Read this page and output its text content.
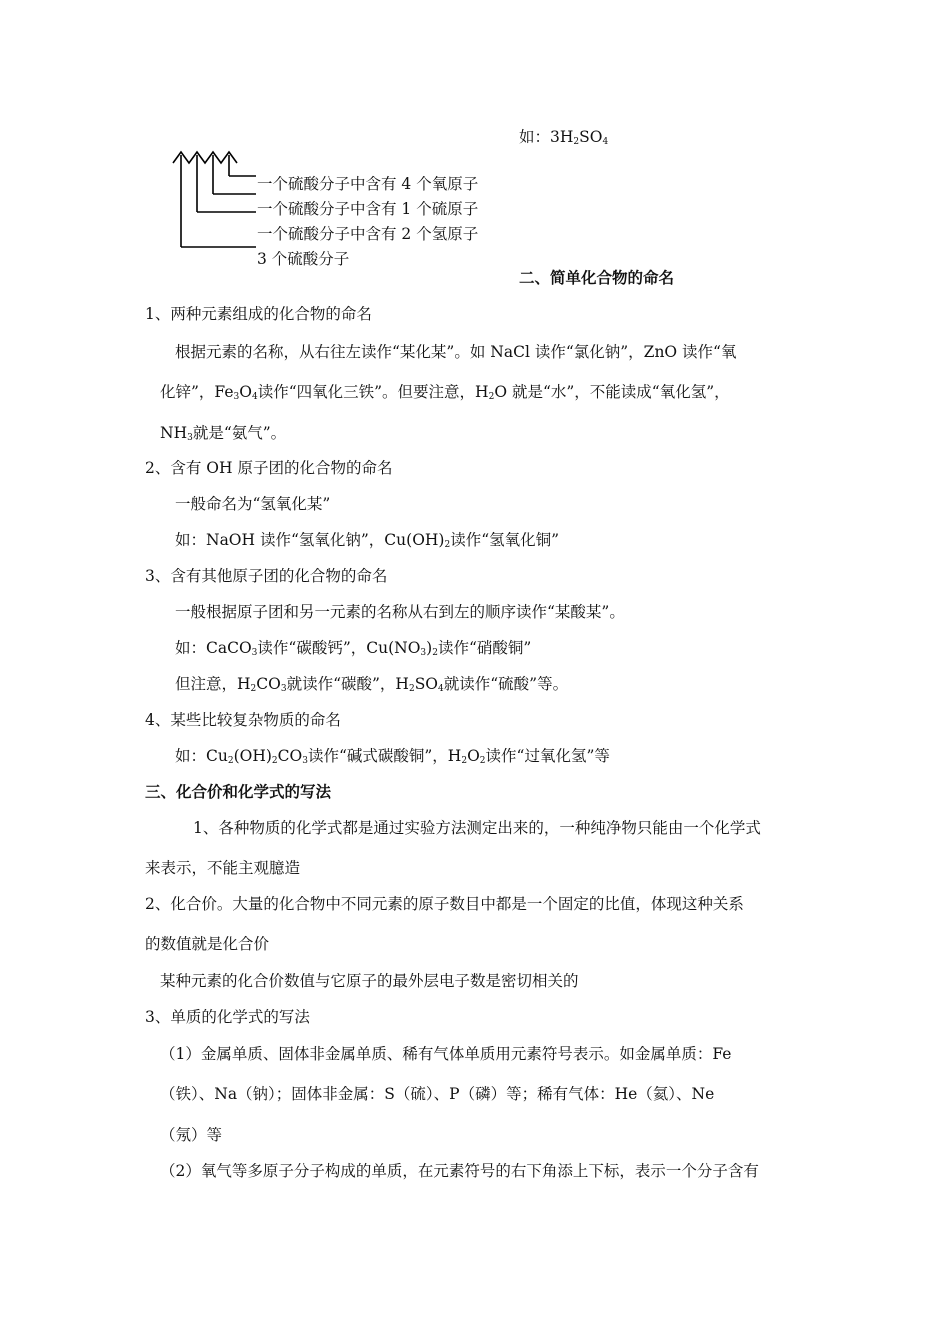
如：$3H_2SO_4$
一个硫酸分子中含有 4 个氧原子
一个硫酸分子中含有 1 个硫原子
一个硫酸分子中含有 2 个氢原子
3 个硫酸分子
二、简单化合物的命名
1、两种元素组成的化合物的命名
根据元素的名称，从右往左读作“某化某”。如 NaCl 读作“氯化钠”，ZnO 读作“氧
化锌”，$Fe_3O_4$读作“四氧化三铁”。但要注意，$H_2O$ 就是“水”，不能读成“氧化氢”，
$NH_3$就是“氨气”。
2、含有 OH 原子团的化合物的命名
一般命名为“氢氧化某”
如：NaOH 读作“氢氧化钠”，$Cu(OH)_2$读作“氢氧化铜”
3、含有其他原子团的化合物的命名
一般根据原子团和另一元素的名称从右到左的顺序读作“某酸某”。
如：CaCO$_3$读作“碳酸钙”，$Cu(NO_3)_2$读作“硝酸铜”
但注意，$H_2CO_3$就读作“碳酸”，$H_2SO_4$就读作“硫酸”等。
4、某些比较复杂物质的命名
如：$Cu_2(OH)_2CO_3$读作“碱式碳酸铜”，$H_2O_2$读作“过氧化氢”等
三、化合价和化学式的写法
1、各种物质的化学式都是通过实验方法测定出来的，一种纯净物只能由一个化学式
来表示，不能主观臆造
2、化合价。大量的化合物中不同元素的原子数目中都是一个固定的比值，体现这种关系
的数值就是化合价
某种元素的化合价数值与它原子的最外层电子数是密切相关的
3、单质的化学式的写法
（1）金属单质、固体非金属单质、稀有气体单质用元素符号表示。如金属单质：Fe
（铁）、Na（钠）；固体非金属：S（硫）、P（磷）等；稀有气体：He（氦）、Ne
（氖）等
（2）氧气等多原子分子构成的单质，在元素符号的右下角添上下标，表示一个分子含有
